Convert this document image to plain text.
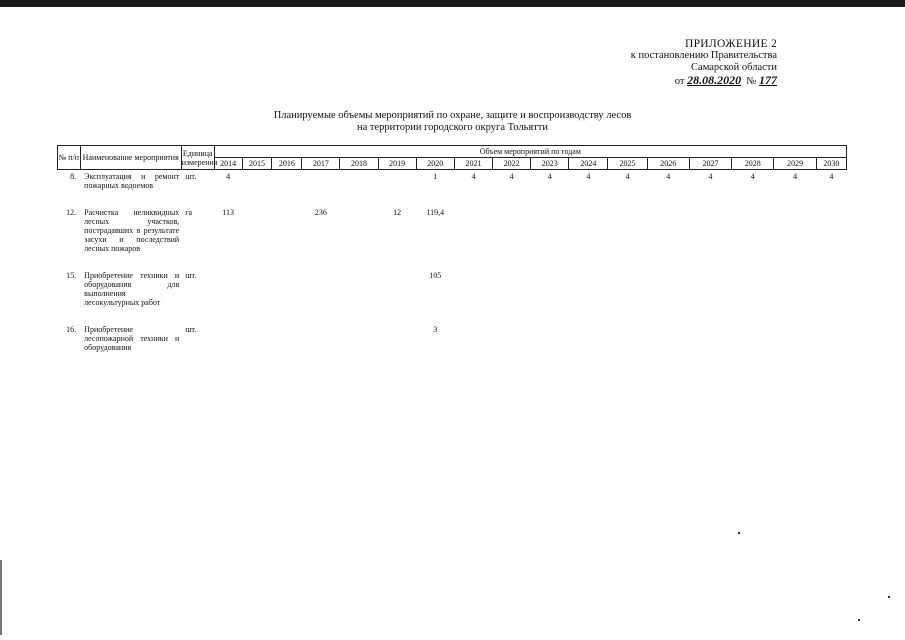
ПРИЛОЖЕНИЕ 2
к постановлению Правительства
Самарской области
от 28.08.2020 № 177
Планируемые объемы мероприятий по охране, защите и воспроизводству лесов
на территории городского округа Тольятти
№ п/п	Наименование мероприятия	Единица измерения	Объем мероприятий по годам																
			2014	2015	2016	2017	2018	2019	2020	2021	2022	2023	2024	2025	2026	2027	2028	2029	2030
8.	Эксплуатация и ремонт пожарных водоемов	шт.	4						1	4	4	4	4	4	4	4	4	4	4
12.	Расчистка неликвидных лесных участков, пострадавших в результате засухи и последствий лесных пожаров	га	113			236		12	119,4										
15.	Приобретение техники и оборудования для выполнения лесокультурных работ	шт.							105										
16.	Приобретение лесопожарной техники и оборудования	шт.							3										
